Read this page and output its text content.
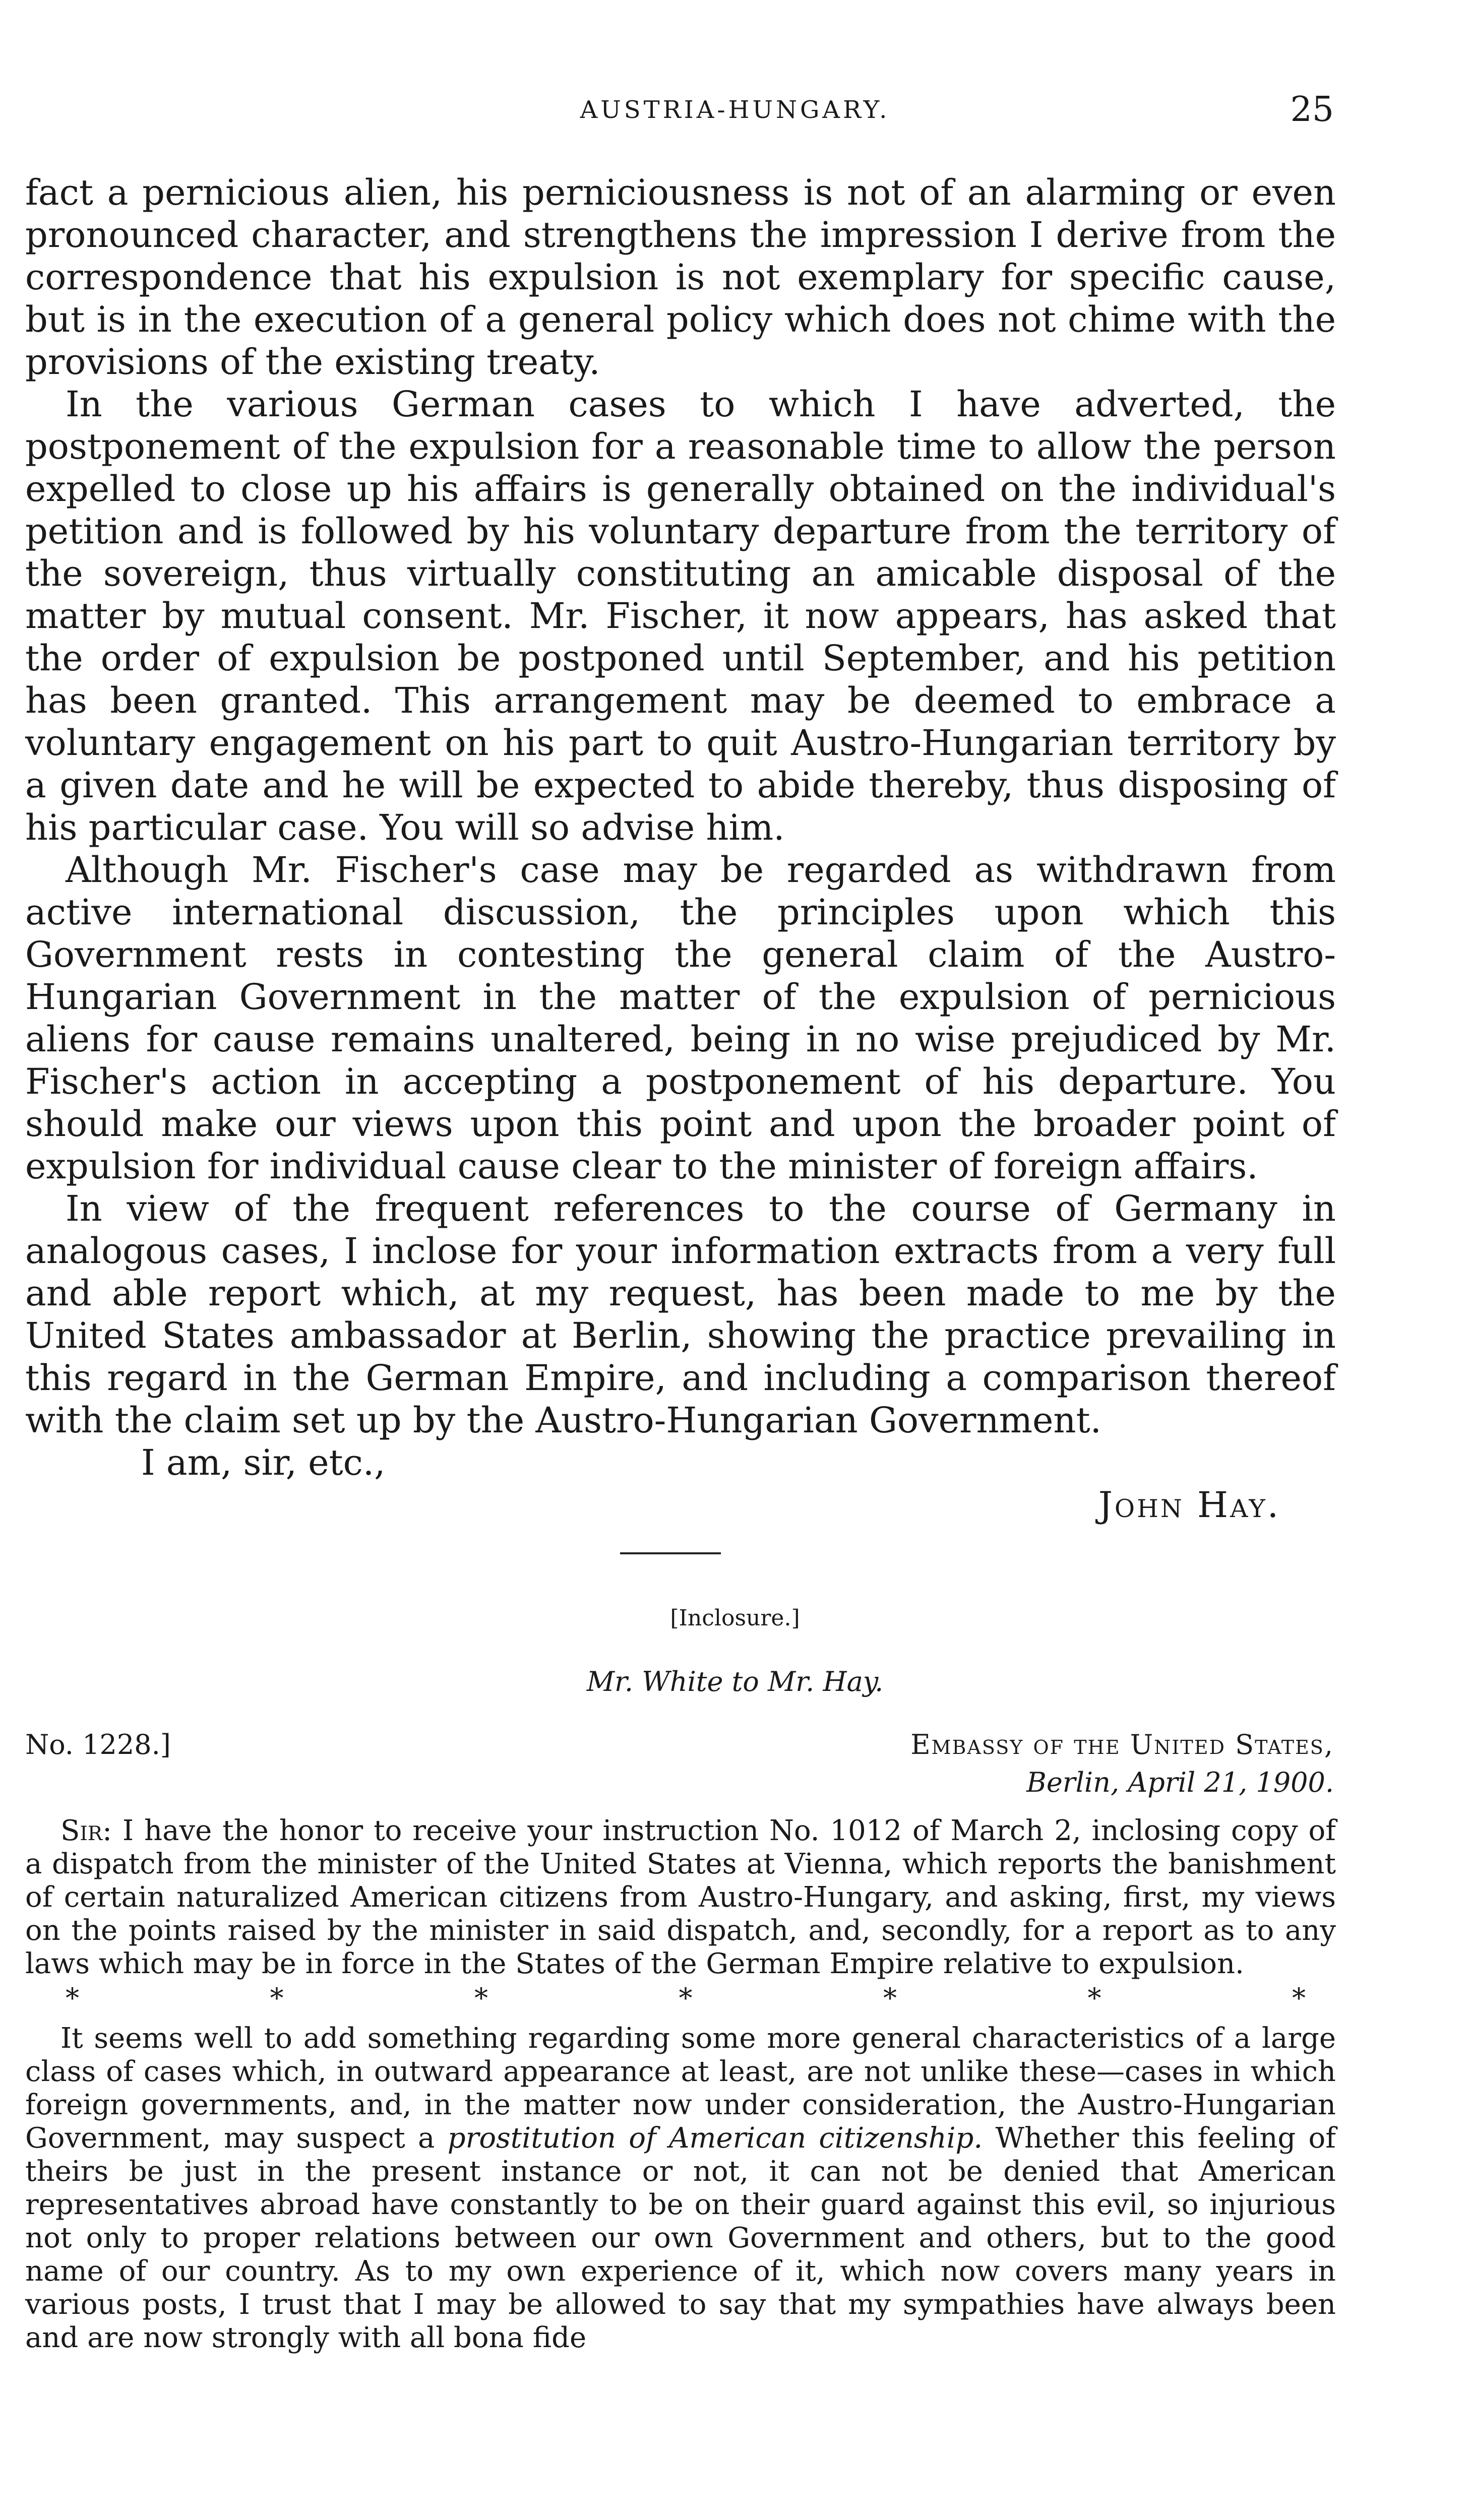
AUSTRIA-HUNGARY.	25

fact a pernicious alien, his perniciousness is not of an alarming or even pronounced character, and strengthens the impression I derive from the correspondence that his expulsion is not exemplary for specific cause, but is in the execution of a general policy which does not chime with the provisions of the existing treaty.

In the various German cases to which I have adverted, the postponement of the expulsion for a reasonable time to allow the person expelled to close up his affairs is generally obtained on the individual's petition and is followed by his voluntary departure from the territory of the sovereign, thus virtually constituting an amicable disposal of the matter by mutual consent. Mr. Fischer, it now appears, has asked that the order of expulsion be postponed until September, and his petition has been granted. This arrangement may be deemed to embrace a voluntary engagement on his part to quit Austro-Hungarian territory by a given date and he will be expected to abide thereby, thus disposing of his particular case. You will so advise him.

Although Mr. Fischer's case may be regarded as withdrawn from active international discussion, the principles upon which this Government rests in contesting the general claim of the Austro-Hungarian Government in the matter of the expulsion of pernicious aliens for cause remains unaltered, being in no wise prejudiced by Mr. Fischer's action in accepting a postponement of his departure. You should make our views upon this point and upon the broader point of expulsion for individual cause clear to the minister of foreign affairs.

In view of the frequent references to the course of Germany in analogous cases, I inclose for your information extracts from a very full and able report which, at my request, has been made to me by the United States ambassador at Berlin, showing the practice prevailing in this regard in the German Empire, and including a comparison thereof with the claim set up by the Austro-Hungarian Government.

I am, sir, etc.,

John Hay.

[Inclosure.]
Mr. White to Mr. Hay.
No. 1228.]	Embassy of the United States,
Berlin, April 21, 1900.

Sir: I have the honor to receive your instruction No. 1012 of March 2, inclosing copy of a dispatch from the minister of the United States at Vienna, which reports the banishment of certain naturalized American citizens from Austro-Hungary, and asking, first, my views on the points raised by the minister in said dispatch, and, secondly, for a report as to any laws which may be in force in the States of the German Empire relative to expulsion.

*	*	*	*	*	*	*

It seems well to add something regarding some more general characteristics of a large class of cases which, in outward appearance at least, are not unlike these—cases in which foreign governments, and, in the matter now under consideration, the Austro-Hungarian Government, may suspect a prostitution of American citizenship. Whether this feeling of theirs be just in the present instance or not, it can not be denied that American representatives abroad have constantly to be on their guard against this evil, so injurious not only to proper relations between our own Government and others, but to the good name of our country. As to my own experience of it, which now covers many years in various posts, I trust that I may be allowed to say that my sympathies have always been and are now strongly with all bona fide
